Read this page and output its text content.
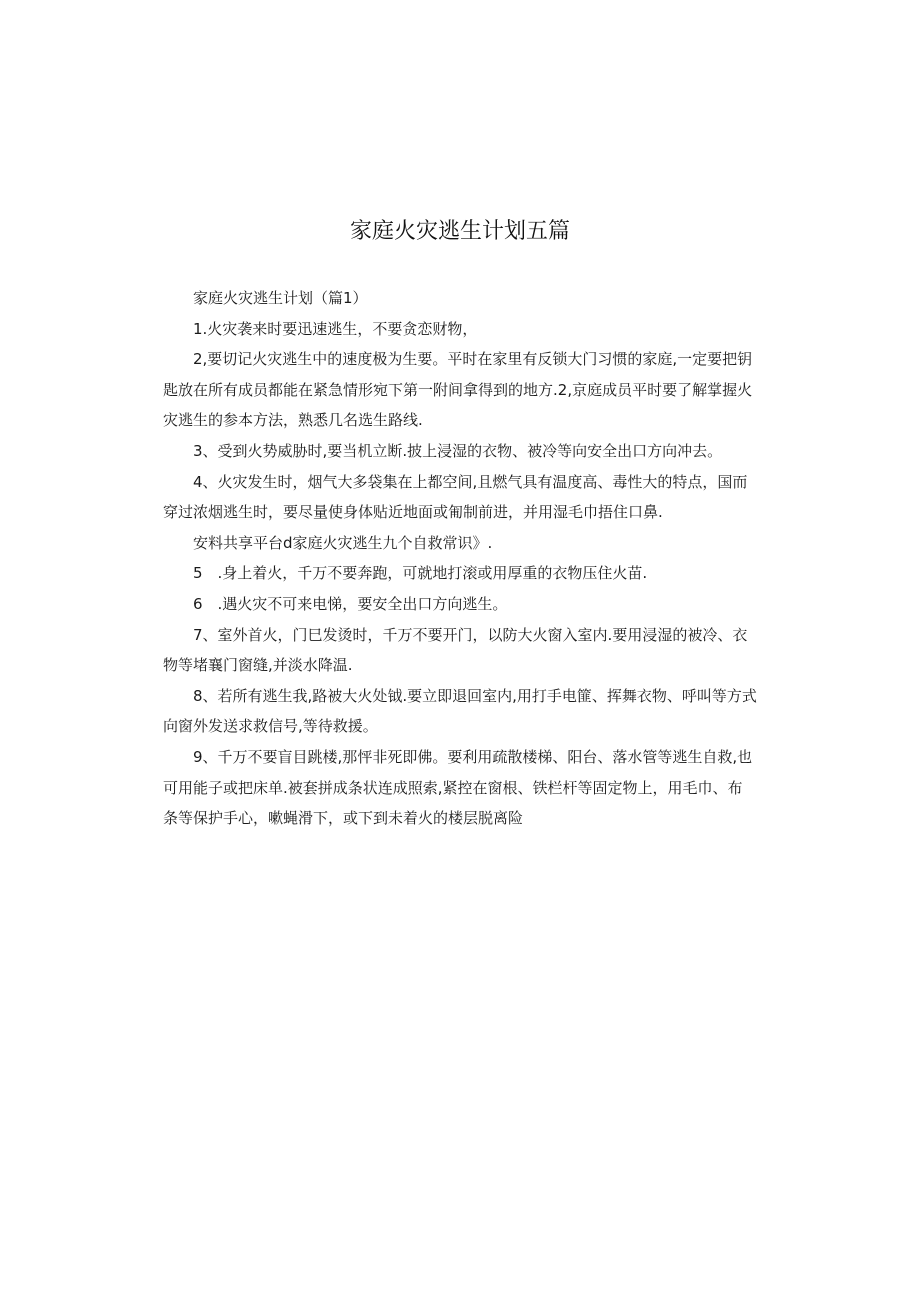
家庭火灾逃生计划五篇

家庭火灾逃生计划（篇1）

1.火灾袭来时要迅速逃生，不要贪恋财物，

2,要切记火灾逃生中的速度极为生要。平时在家里有反锁大门习惯的家庭,一定要把钥匙放在所有成员都能在紧急情形宛下第一附间拿得到的地方.2,京庭成员平时要了解掌握火灾逃生的参本方法，熟悉几名选生路线.

3、受到火势威胁时,要当机立断.披上浸湿的衣物、被冷等向安全出口方向冲去。

4、火灾发生时，烟气大多袋集在上都空间,且燃气具有温度高、毒性大的特点，国而穿过浓烟逃生时，要尽量使身体贴近地面或匍制前进，并用湿毛巾捂住口鼻.

安料共享平台d家庭火灾逃生九个自救常识》.

5　.身上着火，千万不要奔跑，可就地打滚或用厚重的衣物压住火苗.

6　.遇火灾不可来电悌，要安全出口方向逃生。

7、室外首火，门巳发烫时，千万不要开门，以防大火窗入室内.要用浸湿的被冷、衣物等堵襄门窗缝,并淡水降温.

8、若所有逃生我,路被大火处钺.要立即退回室内,用打手电篚、挥舞衣物、呼叫等方式向窗外发送求救信号,等待救援。

9、千万不要盲目跳楼,那怦非死即佛。要利用疏散楼梯、阳台、落水管等逃生自救,也可用能子或把床单.被套拼成条状连成照索,紧控在窗根、铁栏杆等固定物上，用毛巾、布条等保护手心，嗽蝇滑下，或下到未着火的楼层脱离险
